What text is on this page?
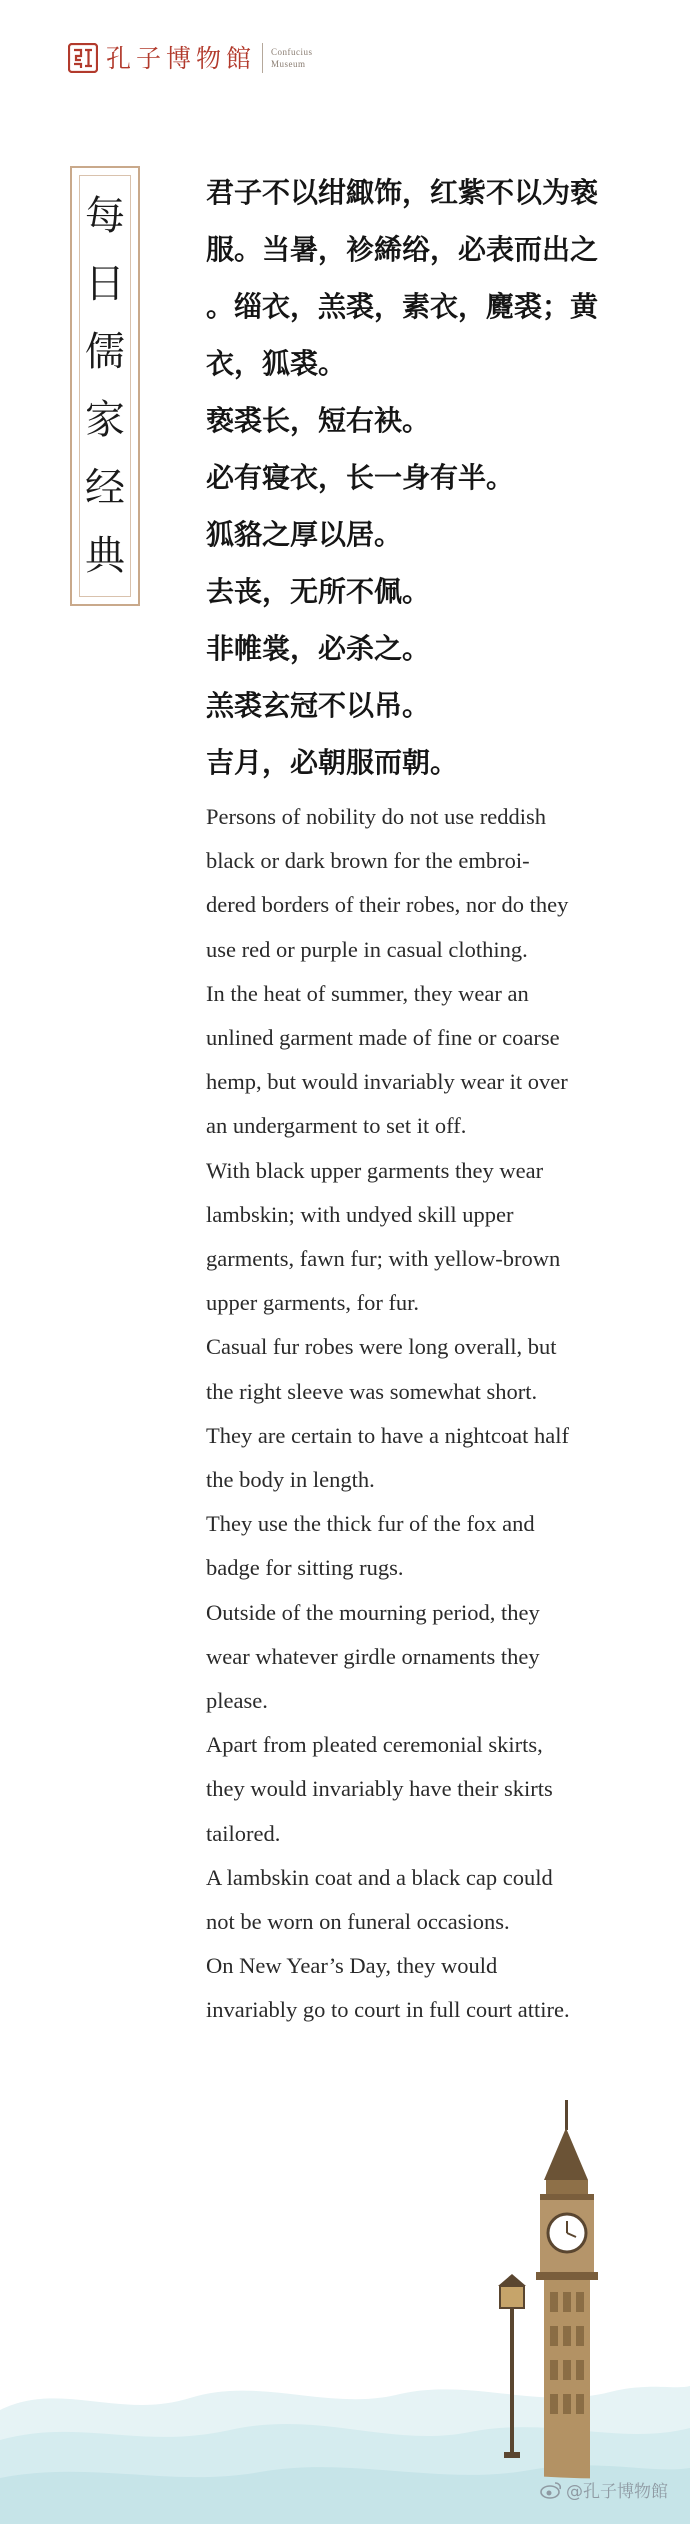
孔子博物館 Confucius
Museum
每
日
儒
家
经
典
君子不以绀緅饰，红紫不以为亵
服。当暑，袗絺绤，必表而出之
。缁衣，羔裘，素衣，麑裘；黄
衣，狐裘。
亵裘长，短右袂。
必有寝衣，长一身有半。
狐貉之厚以居。
去丧，无所不佩。
非帷裳，必杀之。
羔裘玄冠不以吊。
吉月，必朝服而朝。
Persons of nobility do not use reddish
black or dark brown for the embroi-
dered borders of their robes, nor do they
use red or purple in casual clothing.
In the heat of summer, they wear an
unlined garment made of fine or coarse
hemp, but would invariably wear it over
an undergarment to set it off.
With black upper garments they wear
lambskin; with undyed skill upper
garments, fawn fur; with yellow-brown
upper garments, for fur.
Casual fur robes were long overall, but
the right sleeve was somewhat short.
They are certain to have a nightcoat half
the body in length.
They use the thick fur of the fox and
badge for sitting rugs.
Outside of the mourning period, they
wear whatever girdle ornaments they
please.
Apart from pleated ceremonial skirts,
they would invariably have their skirts
tailored.
A lambskin coat and a black cap could
not be worn on funeral occasions.
On New Year’s Day, they would
invariably go to court in full court attire.
@孔子博物館
